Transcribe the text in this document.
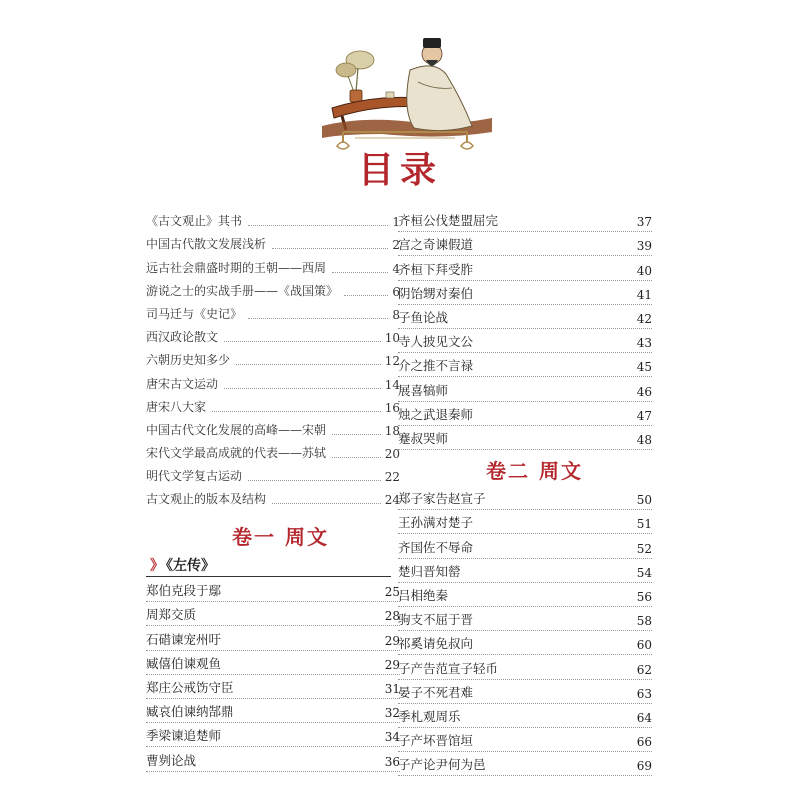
目录
《古文观止》其书	1
中国古代散文发展浅析	2
远古社会鼎盛时期的王朝——西周	4
游说之士的实战手册——《战国策》	6
司马迁与《史记》	8
西汉政论散文	10
六朝历史知多少	12
唐宋古文运动	14
唐宋八大家	16
中国古代文化发展的高峰——宋朝	18
宋代文学最高成就的代表——苏轼	20
明代文学复古运动	22
古文观止的版本及结构	24
卷一 周文
》 《左传》
郑伯克段于鄢	25
周郑交质	28
石碏谏宠州吁	29
臧僖伯谏观鱼	29
郑庄公戒饬守臣	31
臧哀伯谏纳郜鼎	32
季梁谏追楚师	34
曹刿论战	36
齐桓公伐楚盟屈完	37
宫之奇谏假道	39
齐桓下拜受胙	40
阴饴甥对秦伯	41
子鱼论战	42
寺人披见文公	43
介之推不言禄	45
展喜犒师	46
烛之武退秦师	47
蹇叔哭师	48
卷二 周文
郑子家告赵宣子	50
王孙满对楚子	51
齐国佐不辱命	52
楚归晋知罃	54
吕相绝秦	56
驹支不屈于晋	58
祁奚请免叔向	60
子产告范宣子轻币	62
晏子不死君难	63
季札观周乐	64
子产坏晋馆垣	66
子产论尹何为邑	69
